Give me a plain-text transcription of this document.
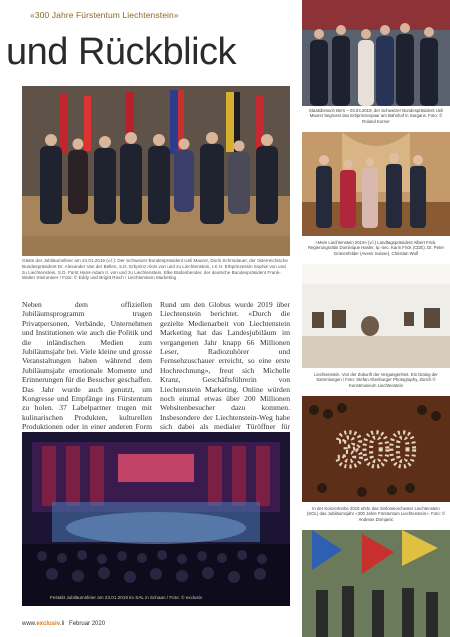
«300 Jahre Fürstentum Liechtenstein»
und Rückblick
Gäste der Jubiläumsfeier am 23.01.2019 (v.l.): Der Schweizer Bundespräsident Ueli Maurer, Doris Schmidauer, der österreichische Bundespräsident Dr. Alexander Van der Bellen, S.D. Erbprinz Alois von und zu Liechtenstein, I.K.H. Erbprinzessin Sophie von und zu Liechtenstein, S.D. Fürst Hans-Adam II. von und zu Liechtenstein, Elke Büdenbender, der deutsche Bundespräsident Frank-Walter Steinmeier / Foto: © Eddy und Brigitt Risch / Liechtenstein Marketing
Neben dem offiziellen Jubiläumsprogramm trugen Privatpersonen, Verbände, Unternehmen und Institutionen wie auch die Politik und die inländischen Medien zum Jubiläumsjahr bei. Viele kleine und grosse Veranstaltungen haben während dem Jubiläumsjahr emotionale Momente und Erinnerungen für die Besucher geschaffen. Das Jahr wurde auch genutzt, um Kongresse und Empfänge ins Fürstentum zu holen. 37 Labelpartner trugen mit kulinarischen Produkten, kulturellen Produktionen oder in einer anderen Form
Rund um den Globus wurde 2019 über Liechtenstein berichtet. «Durch die gezielte Medienarbeit von Liechtenstein Marketing hat das Landesjubiläum im vergangenen Jahr knapp 66 Millionen Leser, Radiozuhörer und Fernsehzuschauer erreicht, so eine erste Hochrechnung», freut sich Michelle Kranz, Geschäftsführerin von Liechtenstein Marketing. Online würden noch einmal etwas über 200 Millionen Websitenbesucher dazu kommen. Insbesondere der Liechtenstein-Weg habe sich dabei als medialer Türöffner für
Festakt Jubiläumsfeier am 23.01.2019 im SAL in Schaan / Foto: © exclusiv
Staatsbesuch Bern – 03.04.2019, der Schweizer Bundespräsident Ueli Maurer begrüsst das Erbprinzenpaar am Bahnhof in Sargans. Foto: © Roland Korner
«Mein Liechtenstein 2019» (v.l.) Landtagspräsident Albert Frick, Regierungsrätin Dominique Hasler, Ip.-sec. Karin Frick (CDE), Dr. Peter Grünenfelder (Avenir Suisse), Christian Wolf
Liechtenstein. Von der Zukunft der Vergangenheit. Ein Dialog der Sammlungen / Foto: Stefan Altenburger Photography, Zürich © Kunstmuseum Liechtenstein
300
In der Konzertreihe 2019 ehrte das Sinfonieorchester Liechtenstein (SOL) das Jubiläumsjahr «300 Jahre Fürstentum Liechtenstein». Foto: © Andreas Domjanic
www.exclusiv.li Februar 2020
